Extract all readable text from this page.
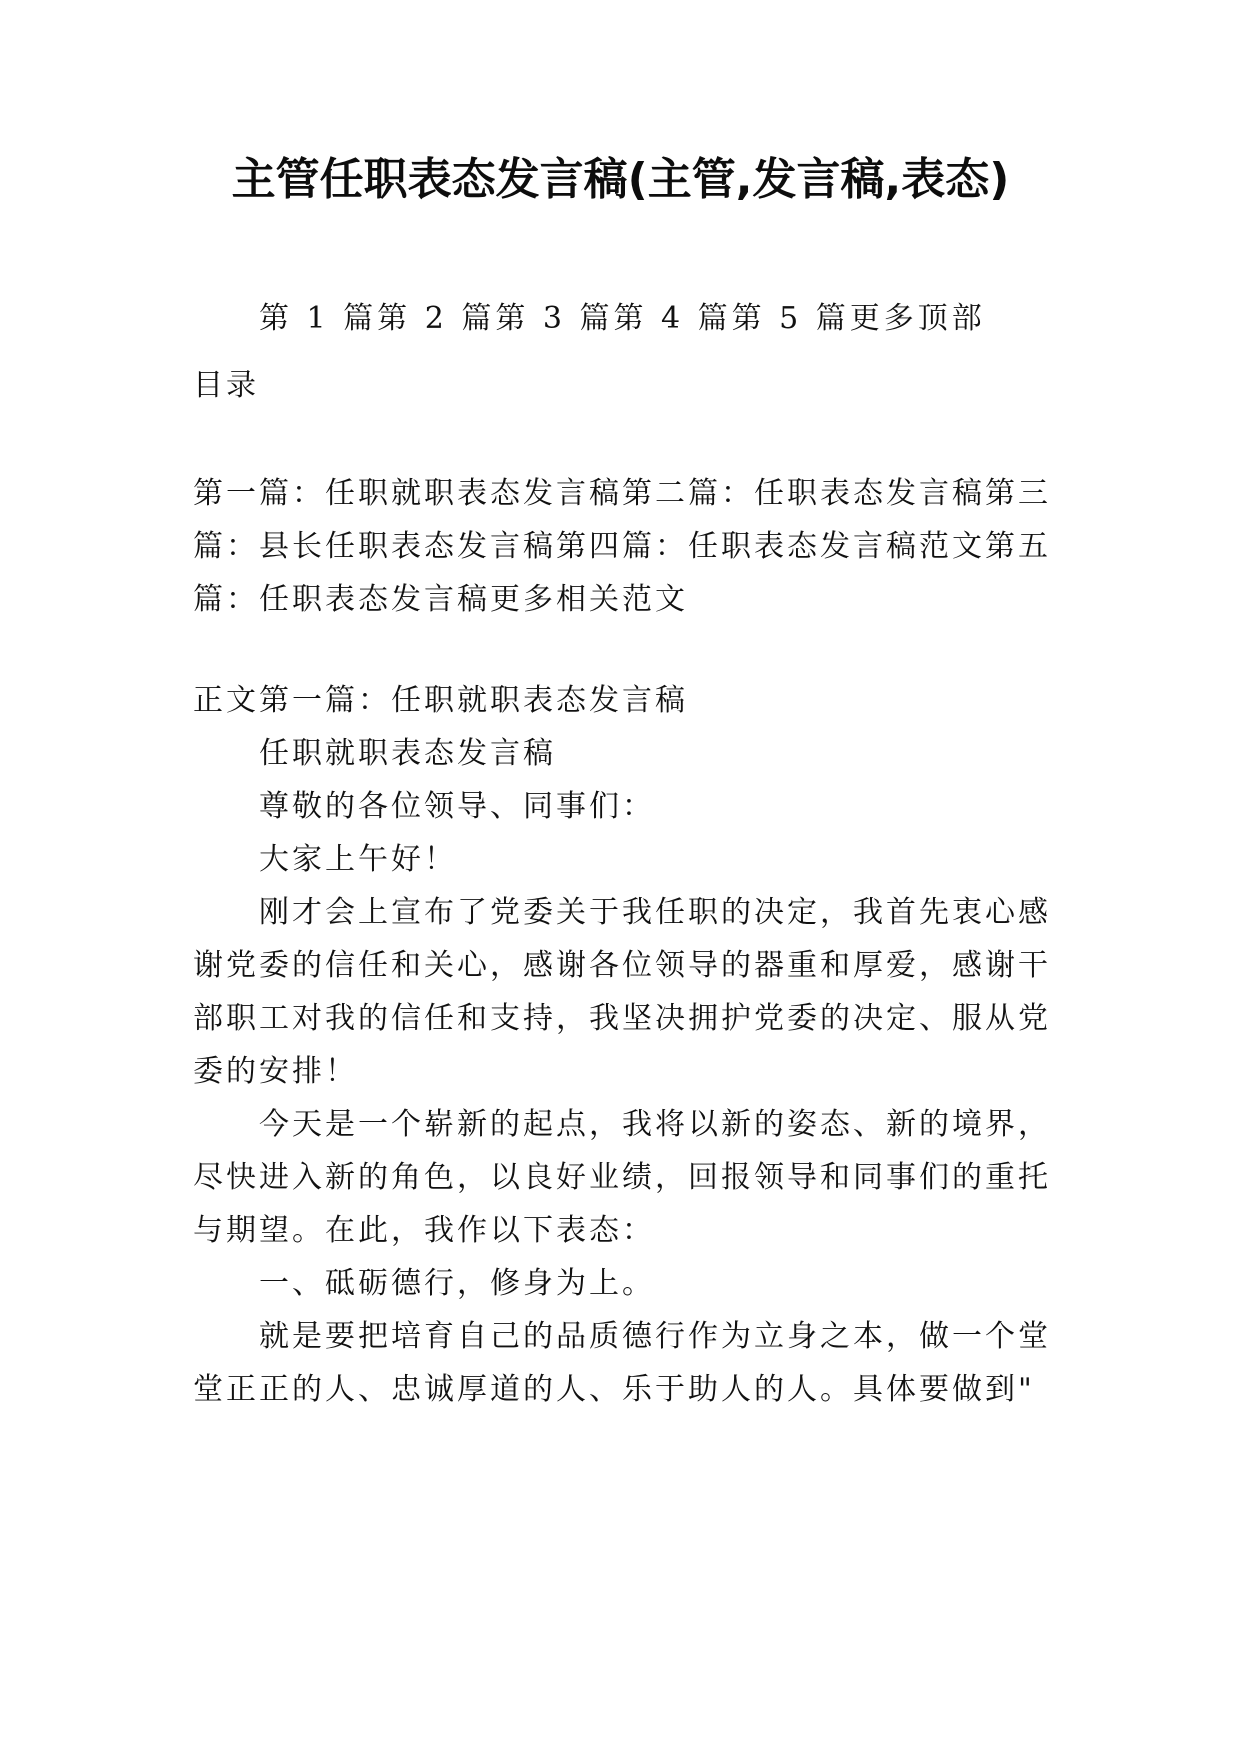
主管任职表态发言稿(主管,发言稿,表态)
第 1 篇第 2 篇第 3 篇第 4 篇第 5 篇更多顶部
目录
第一篇：任职就职表态发言稿第二篇：任职表态发言稿第三
篇：县长任职表态发言稿第四篇：任职表态发言稿范文第五
篇：任职表态发言稿更多相关范文
正文第一篇：任职就职表态发言稿
任职就职表态发言稿
尊敬的各位领导、同事们：
大家上午好！
刚才会上宣布了党委关于我任职的决定，我首先衷心感
谢党委的信任和关心，感谢各位领导的器重和厚爱，感谢干
部职工对我的信任和支持，我坚决拥护党委的决定、服从党
委的安排！
今天是一个崭新的起点，我将以新的姿态、新的境界，
尽快进入新的角色，以良好业绩，回报领导和同事们的重托
与期望。在此，我作以下表态：
一、砥砺德行，修身为上。
就是要把培育自己的品质德行作为立身之本，做一个堂
堂正正的人、忠诚厚道的人、乐于助人的人。具体要做到"
